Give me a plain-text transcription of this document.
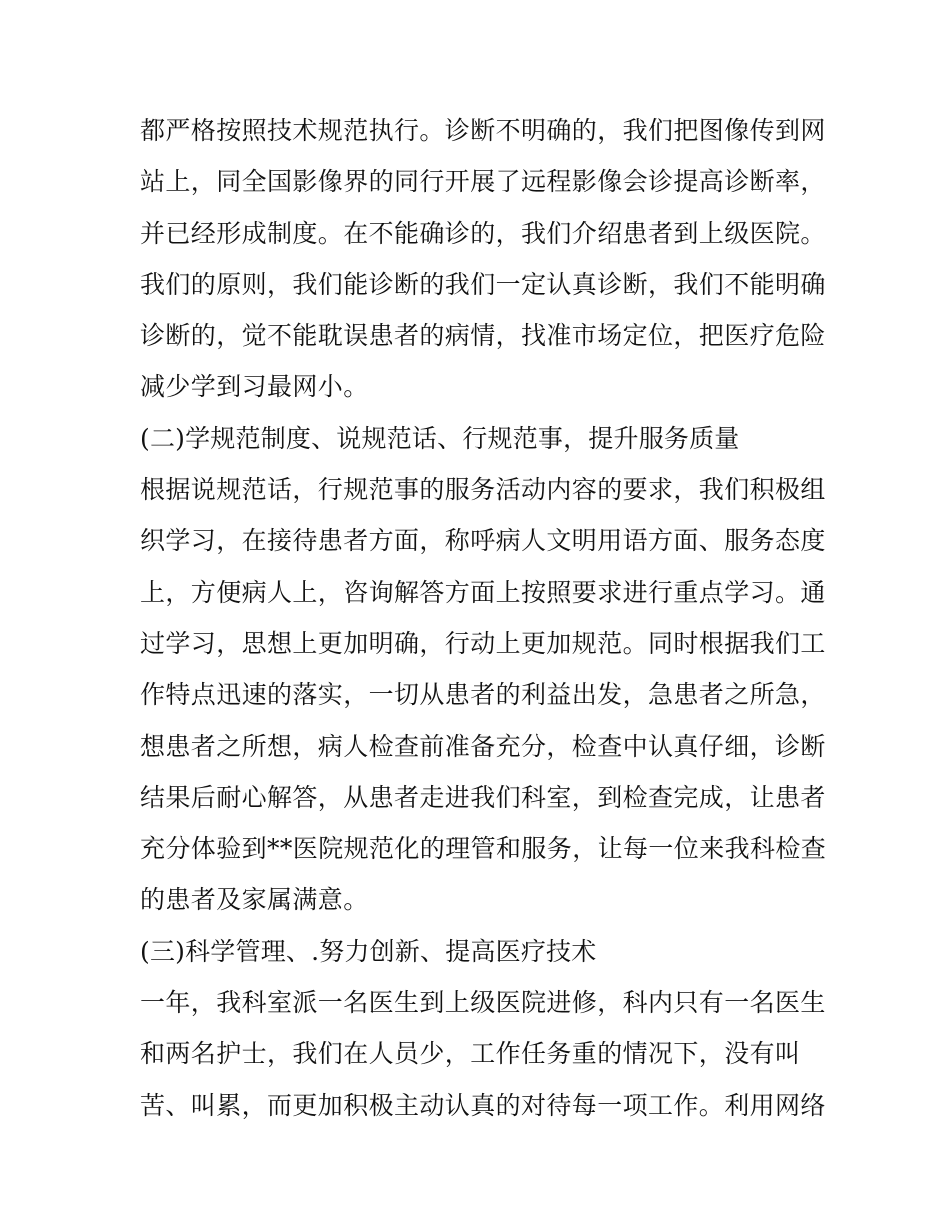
都严格按照技术规范执行。诊断不明确的，我们把图像传到网
站上，同全国影像界的同行开展了远程影像会诊提高诊断率，
并已经形成制度。在不能确诊的，我们介绍患者到上级医院。
我们的原则，我们能诊断的我们一定认真诊断，我们不能明确
诊断的，觉不能耽误患者的病情，找准市场定位，把医疗危险
减少学到习最网小。
(二)学规范制度、说规范话、行规范事，提升服务质量
根据说规范话，行规范事的服务活动内容的要求，我们积极组
织学习，在接待患者方面，称呼病人文明用语方面、服务态度
上，方便病人上，咨询解答方面上按照要求进行重点学习。通
过学习，思想上更加明确，行动上更加规范。同时根据我们工
作特点迅速的落实，一切从患者的利益出发，急患者之所急，
想患者之所想，病人检查前准备充分，检查中认真仔细，诊断
结果后耐心解答，从患者走进我们科室，到检查完成，让患者
充分体验到**医院规范化的理管和服务，让每一位来我科检查
的患者及家属满意。
(三)科学管理、.努力创新、提高医疗技术
一年，我科室派一名医生到上级医院进修，科内只有一名医生
和两名护士，我们在人员少，工作任务重的情况下，没有叫
苦、叫累，而更加积极主动认真的对待每一项工作。利用网络
